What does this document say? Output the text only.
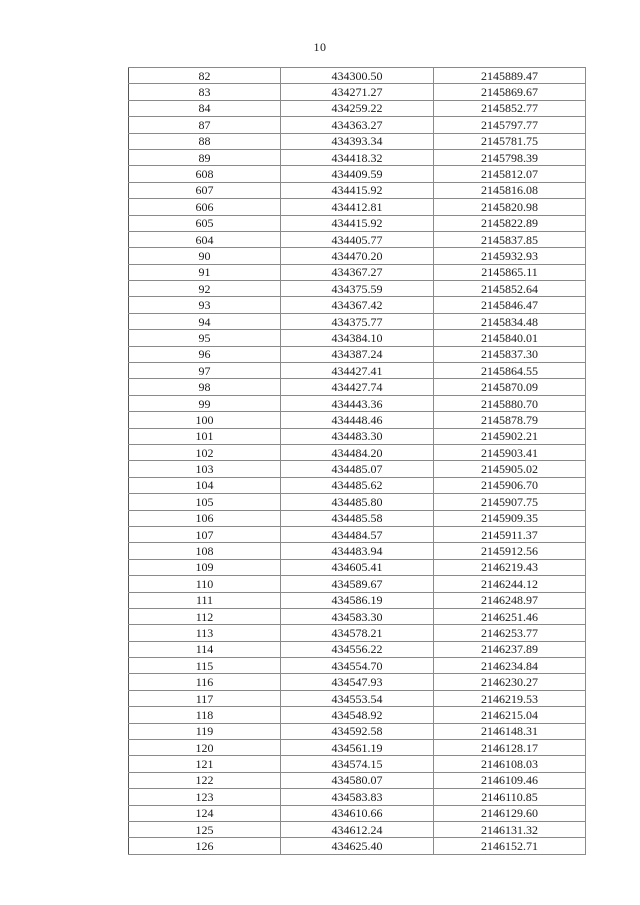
10
82	434300.50	2145889.47
83	434271.27	2145869.67
84	434259.22	2145852.77
87	434363.27	2145797.77
88	434393.34	2145781.75
89	434418.32	2145798.39
608	434409.59	2145812.07
607	434415.92	2145816.08
606	434412.81	2145820.98
605	434415.92	2145822.89
604	434405.77	2145837.85
90	434470.20	2145932.93
91	434367.27	2145865.11
92	434375.59	2145852.64
93	434367.42	2145846.47
94	434375.77	2145834.48
95	434384.10	2145840.01
96	434387.24	2145837.30
97	434427.41	2145864.55
98	434427.74	2145870.09
99	434443.36	2145880.70
100	434448.46	2145878.79
101	434483.30	2145902.21
102	434484.20	2145903.41
103	434485.07	2145905.02
104	434485.62	2145906.70
105	434485.80	2145907.75
106	434485.58	2145909.35
107	434484.57	2145911.37
108	434483.94	2145912.56
109	434605.41	2146219.43
110	434589.67	2146244.12
111	434586.19	2146248.97
112	434583.30	2146251.46
113	434578.21	2146253.77
114	434556.22	2146237.89
115	434554.70	2146234.84
116	434547.93	2146230.27
117	434553.54	2146219.53
118	434548.92	2146215.04
119	434592.58	2146148.31
120	434561.19	2146128.17
121	434574.15	2146108.03
122	434580.07	2146109.46
123	434583.83	2146110.85
124	434610.66	2146129.60
125	434612.24	2146131.32
126	434625.40	2146152.71
